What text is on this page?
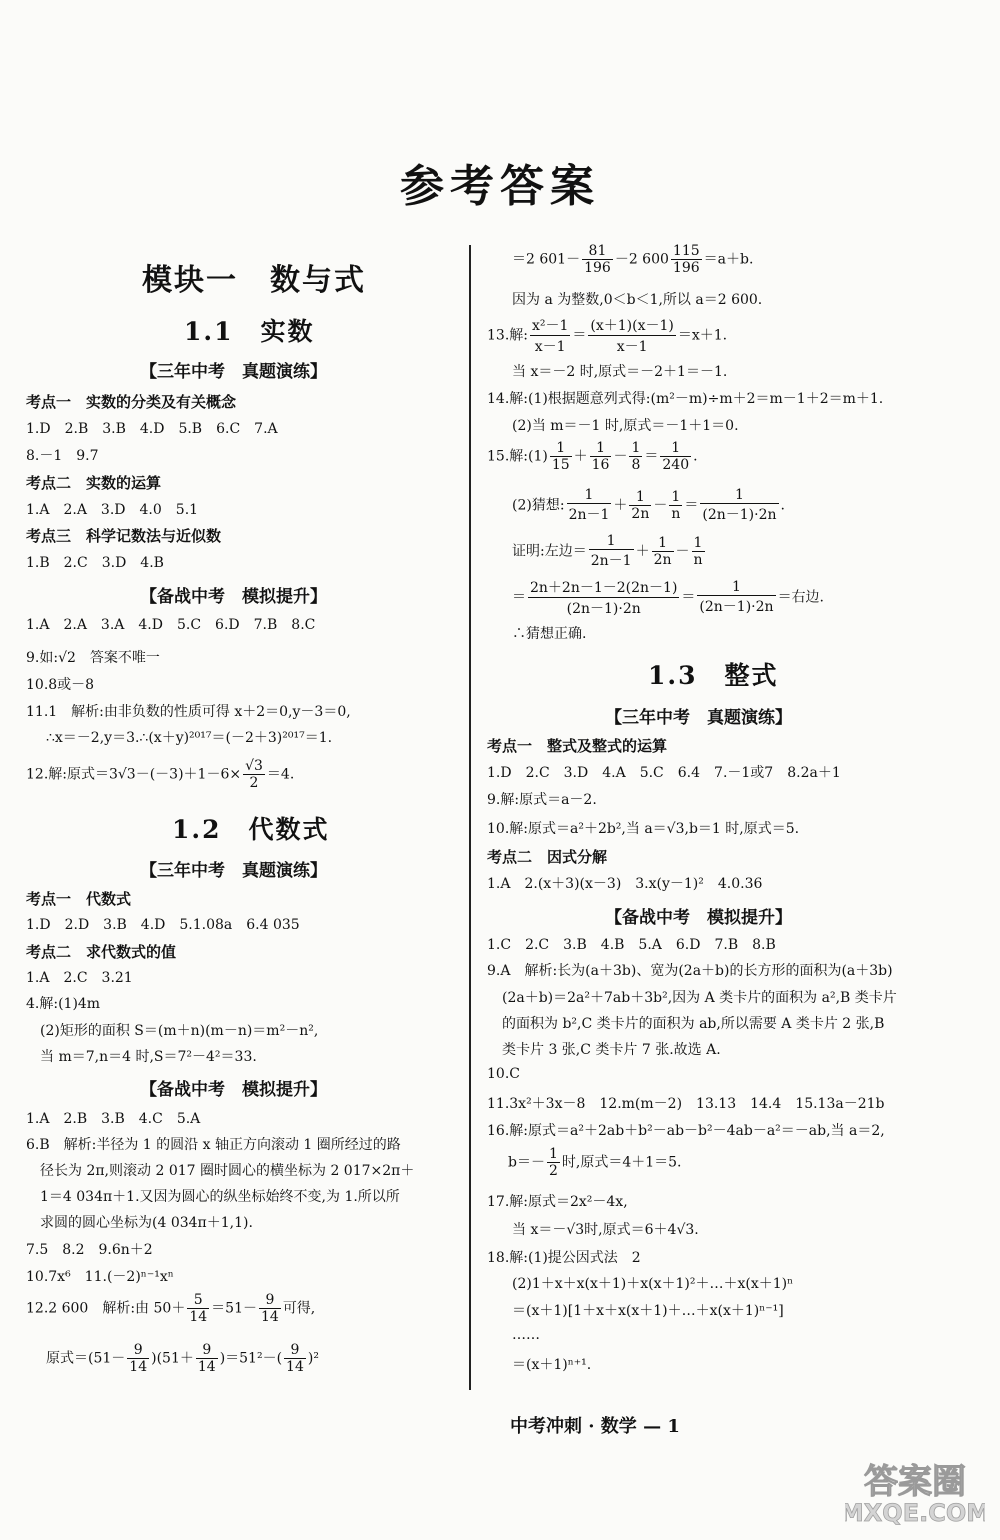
参考答案
模块一　数与式
1.1　实数
【三年中考　真题演练】
考点一　实数的分类及有关概念
1.D　2.B　3.B　4.D　5.B　6.C　7.A
8.－1　9.7
考点二　实数的运算
1.A　2.A　3.D　4.0　5.1
考点三　科学记数法与近似数
1.B　2.C　3.D　4.B
【备战中考　模拟提升】
1.A　2.A　3.A　4.D　5.C　6.D　7.B　8.C
9.如:√2　答案不唯一
10.8或－8
11.1　解析:由非负数的性质可得 x＋2＝0,y－3＝0,
∴x＝－2,y＝3.∴(x＋y)²⁰¹⁷＝(－2＋3)²⁰¹⁷＝1.
12.解:原式$=3√3-(-3)+1-6\times \frac{√3}{2} =4$.
1.2　代数式
【三年中考　真题演练】
考点一　代数式
1.D　2.D　3.B　4.D　5.1.08a　6.4 035
考点二　求代数式的值
1.A　2.C　3.21
4.解:(1)4m
(2)矩形的面积 S＝(m＋n)(m－n)＝m²－n²,
当 m＝7,n＝4 时,S＝7²－4²＝33.
【备战中考　模拟提升】
1.A　2.B　3.B　4.C　5.A
6.B　解析:半径为 1 的圆沿 x 轴正方向滚动 1 圈所经过的路
径长为 2π,则滚动 2 017 圈时圆心的横坐标为 2 017×2π＋
1＝4 034π＋1.又因为圆心的纵坐标始终不变,为 1.所以所
求圆的圆心坐标为(4 034π＋1,1).
7.5　8.2　9.6n＋2
10.7x⁶　11.(－2)ⁿ⁻¹xⁿ
12.2 600　解析:由 $50+ \frac{5}{14} =51- \frac{9}{14}$ 可得,
原式$=(51- \frac{9}{14} )(51+ \frac{9}{14} )=51^2-( \frac{9}{14} )^2$
＝2 $601- \frac{81}{196} -2$ $600 \frac{115}{196} =a+b$.
因为 a 为整数,0＜b＜1,所以 a＝2 600.
13.解: $\frac{\text{x²－1}}{x-1} = \frac{(x+1)(x-1)}{x-1} =x+1$.
当 x＝－2 时,原式＝－2＋1＝－1.
14.解:(1)根据题意列式得:(m²－m)÷m＋2＝m－1＋2＝m＋1.
(2)当 m＝－1 时,原式＝－1＋1＝0.
15.解:(1) $\frac{1}{15} + \frac{1}{16} - \frac{1}{8} = \frac{1}{240}$ .
(2)猜想: $\frac{1}{2n-1} + \frac{1}{2n} - \frac{1}{n} = \frac{1}{(2n-1)\cdot 2n}$ .
证明:左边＝ $\frac{1}{2n-1} + \frac{1}{2n} - \frac{1}{n}$
＝ $\frac{2n+2n-1-2(2n-1)}{(2n-1)\cdot 2n} = \frac{1}{(2n-1)\cdot 2n}$ ＝右边.
∴猜想正确.
1.3　整式
【三年中考　真题演练】
考点一　整式及整式的运算
1.D　2.C　3.D　4.A　5.C　6.4　7.－1或7　8.2a＋1
9.解:原式＝a－2.
10.解:原式＝a²＋2b²,当 a＝√3,b＝1 时,原式＝5.
考点二　因式分解
1.A　2.(x＋3)(x－3)　3.x(y－1)²　4.0.36
【备战中考　模拟提升】
1.C　2.C　3.B　4.B　5.A　6.D　7.B　8.B
9.A　解析:长为(a＋3b)、宽为(2a＋b)的长方形的面积为(a＋3b)
(2a＋b)＝2a²＋7ab＋3b²,因为 A 类卡片的面积为 a²,B 类卡片
的面积为 b²,C 类卡片的面积为 ab,所以需要 A 类卡片 2 张,B
类卡片 3 张,C 类卡片 7 张.故选 A.
10.C
11.3x²＋3x－8　12.m(m－2)　13.13　14.4　15.13a－21b
16.解:原式＝a²＋2ab＋b²－ab－b²－4ab－a²＝－ab,当 a＝2,
$b=- \frac{1}{2}$ 时,原式＝4＋1＝5.
17.解:原式＝2x²－4x,
当 x＝－√3时,原式＝6＋4√3.
18.解:(1)提公因式法　2
(2)1＋x＋x(x＋1)＋x(x＋1)²＋…＋x(x＋1)ⁿ
＝(x＋1)[1＋x＋x(x＋1)＋…＋x(x＋1)ⁿ⁻¹]
……
＝(x＋1)ⁿ⁺¹.
中考冲刺 · 数学 — 1
答案圈
MXQE.COM
